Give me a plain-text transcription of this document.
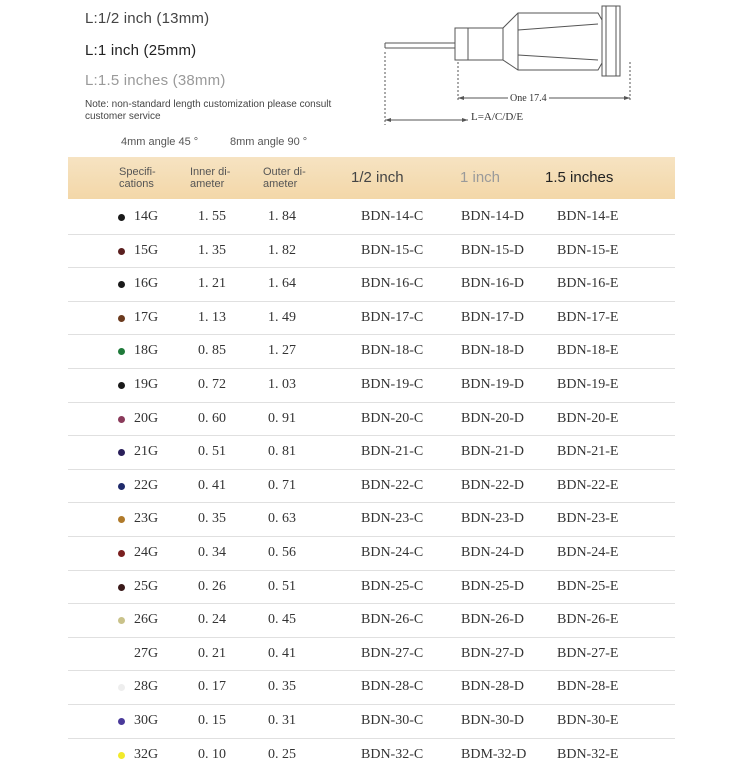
L:1/2 inch (13mm)
L:1 inch (25mm)
L:1.5 inches (38mm)
Note: non-standard length customization please consult customer service
4mm angle 45 °	8mm angle 90 °
One 17.4
L=A/C/D/E
Specifi-
cations
Inner di-
ameter
Outer di-
ameter	1/2 inch	1 inch	1.5 inches
14G	1. 55	1. 84	BDN-14-C	BDN-14-D BDN-14-E
15G	1. 35	1. 82	BDN-15-C	BDN-15-D BDN-15-E
16G	1. 21	1. 64	BDN-16-C	BDN-16-D BDN-16-E
17G	1. 13	1. 49	BDN-17-C	BDN-17-D BDN-17-E
18G	0. 85	1. 27	BDN-18-C	BDN-18-D BDN-18-E
19G	0. 72	1. 03	BDN-19-C	BDN-19-D BDN-19-E
20G	0. 60	0. 91	BDN-20-C	BDN-20-D BDN-20-E
21G	0. 51	0. 81	BDN-21-C	BDN-21-D BDN-21-E
22G	0. 41	0. 71	BDN-22-C	BDN-22-D BDN-22-E
23G	0. 35	0. 63	BDN-23-C	BDN-23-D BDN-23-E
24G	0. 34	0. 56	BDN-24-C	BDN-24-D BDN-24-E
25G	0. 26	0. 51	BDN-25-C	BDN-25-D BDN-25-E
26G	0. 24	0. 45	BDN-26-C	BDN-26-D BDN-26-E
27G	0. 21	0. 41	BDN-27-C	BDN-27-D BDN-27-E
28G	0. 17	0. 35	BDN-28-C	BDN-28-D BDN-28-E
30G	0. 15	0. 31	BDN-30-C	BDN-30-D BDN-30-E
32G	0. 10	0. 25	BDN-32-C	BDM-32-D BDN-32-E
